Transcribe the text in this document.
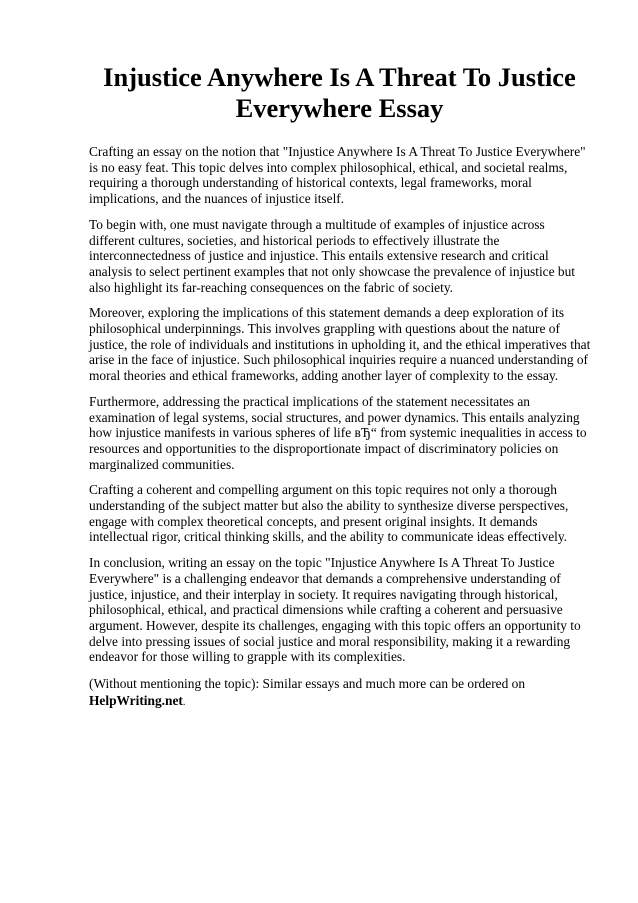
Injustice Anywhere Is A Threat To Justice Everywhere Essay

Crafting an essay on the notion that "Injustice Anywhere Is A Threat To Justice Everywhere" is no easy feat. This topic delves into complex philosophical, ethical, and societal realms, requiring a thorough understanding of historical contexts, legal frameworks, moral implications, and the nuances of injustice itself.

To begin with, one must navigate through a multitude of examples of injustice across different cultures, societies, and historical periods to effectively illustrate the interconnectedness of justice and injustice. This entails extensive research and critical analysis to select pertinent examples that not only showcase the prevalence of injustice but also highlight its far-reaching consequences on the fabric of society.

Moreover, exploring the implications of this statement demands a deep exploration of its philosophical underpinnings. This involves grappling with questions about the nature of justice, the role of individuals and institutions in upholding it, and the ethical imperatives that arise in the face of injustice. Such philosophical inquiries require a nuanced understanding of moral theories and ethical frameworks, adding another layer of complexity to the essay.

Furthermore, addressing the practical implications of the statement necessitates an examination of legal systems, social structures, and power dynamics. This entails analyzing how injustice manifests in various spheres of life вЂ“ from systemic inequalities in access to resources and opportunities to the disproportionate impact of discriminatory policies on marginalized communities.

Crafting a coherent and compelling argument on this topic requires not only a thorough understanding of the subject matter but also the ability to synthesize diverse perspectives, engage with complex theoretical concepts, and present original insights. It demands intellectual rigor, critical thinking skills, and the ability to communicate ideas effectively.

In conclusion, writing an essay on the topic "Injustice Anywhere Is A Threat To Justice Everywhere" is a challenging endeavor that demands a comprehensive understanding of justice, injustice, and their interplay in society. It requires navigating through historical, philosophical, ethical, and practical dimensions while crafting a coherent and persuasive argument. However, despite its challenges, engaging with this topic offers an opportunity to delve into pressing issues of social justice and moral responsibility, making it a rewarding endeavor for those willing to grapple with its complexities.

(Without mentioning the topic): Similar essays and much more can be ordered on
HelpWriting.net.
